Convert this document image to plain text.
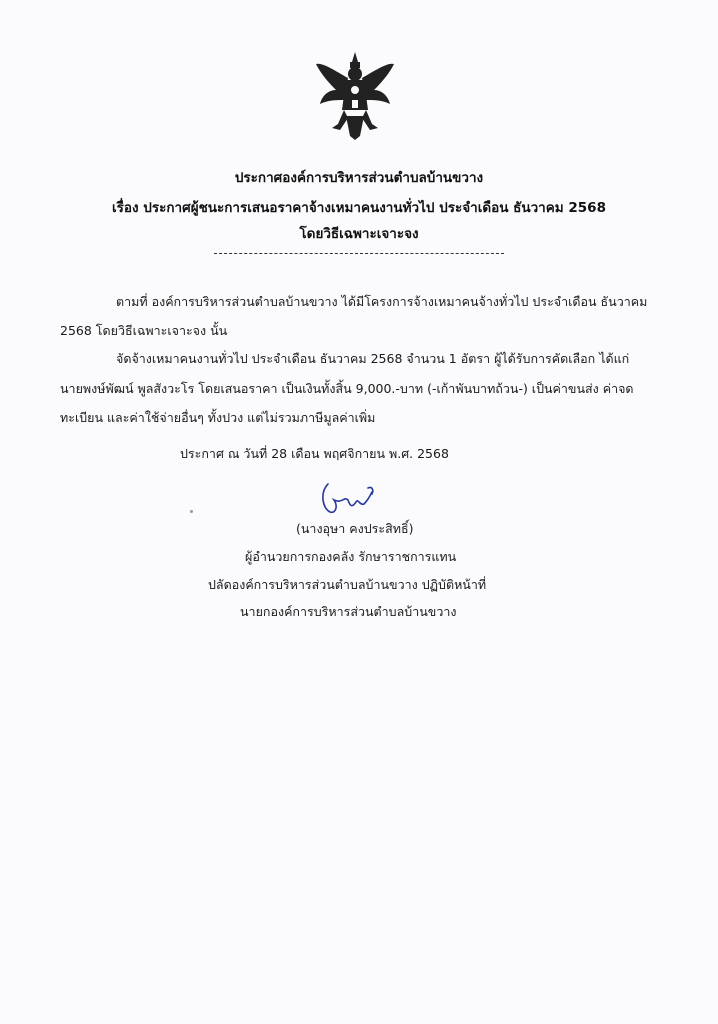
ประกาศองค์การบริหารส่วนตำบลบ้านขวาง
เรื่อง ประกาศผู้ชนะการเสนอราคาจ้างเหมาคนงานทั่วไป ประจำเดือน ธันวาคม 2568
โดยวิธีเฉพาะเจาะจง
ตามที่ องค์การบริหารส่วนตำบลบ้านขวาง ได้มีโครงการจ้างเหมาคนจ้างทั่วไป ประจำเดือน ธันวาคม
2568 โดยวิธีเฉพาะเจาะจง นั้น
จัดจ้างเหมาคนงานทั่วไป ประจำเดือน ธันวาคม 2568 จำนวน 1 อัตรา ผู้ได้รับการคัดเลือก ได้แก่
นายพงษ์พัฒน์ พูลสังวะโร โดยเสนอราคา เป็นเงินทั้งสิ้น 9,000.-บาท (-เก้าพันบาทถ้วน-) เป็นค่าขนส่ง ค่าจด
ทะเบียน และค่าใช้จ่ายอื่นๆ ทั้งปวง แต่ไม่รวมภาษีมูลค่าเพิ่ม
ประกาศ ณ วันที่ 28 เดือน พฤศจิกายน พ.ศ. 2568
(นางอุษา คงประสิทธิ์)
ผู้อำนวยการกองคลัง รักษาราชการแทน
ปลัดองค์การบริหารส่วนตำบลบ้านขวาง ปฏิบัติหน้าที่
นายกองค์การบริหารส่วนตำบลบ้านขวาง
